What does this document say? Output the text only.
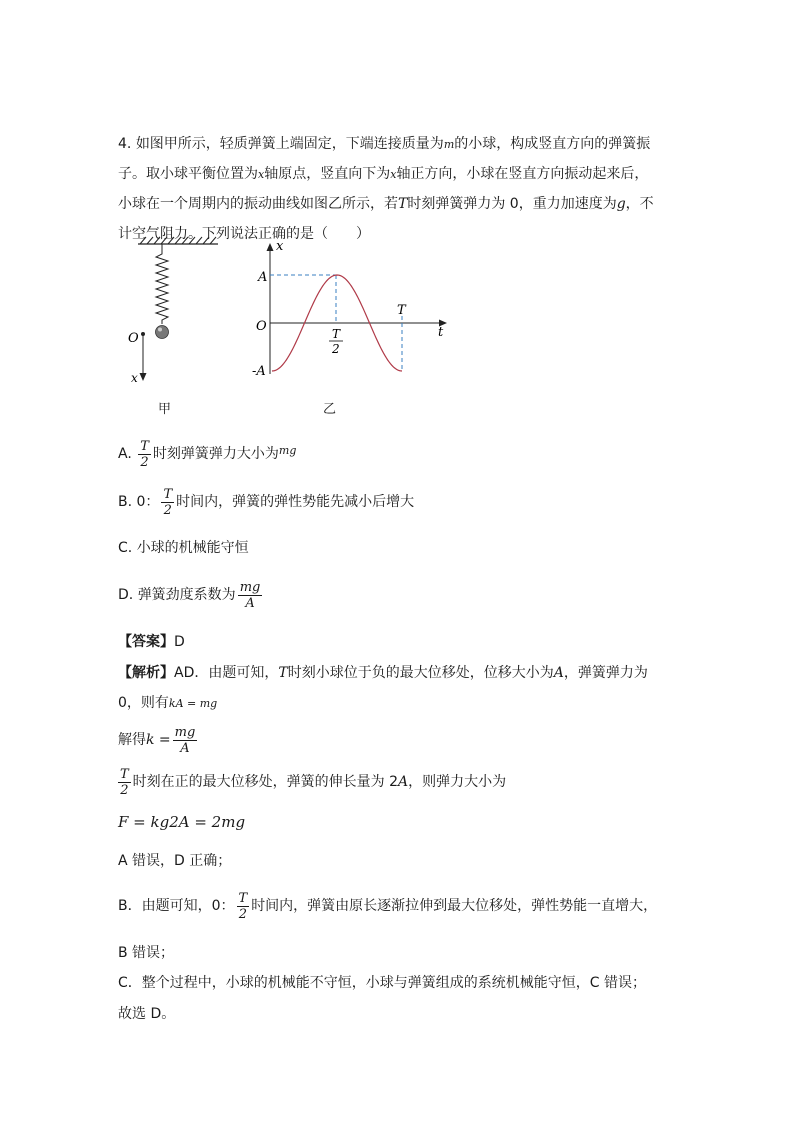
4. 如图甲所示，轻质弹簧上端固定，下端连接质量为m的小球，构成竖直方向的弹簧振
子。取小球平衡位置为x轴原点，竖直向下为x轴正方向，小球在竖直方向振动起来后，
小球在一个周期内的振动曲线如图乙所示，若T时刻弹簧弹力为 0，重力加速度为g，不
计空气阻力。下列说法正确的是（　　）
O
x
甲
x
t
A
O
-A
T
T
2
乙
A. $\frac{T}{2}$ 时刻弹簧弹力大小为$^{mg}$
B. 0： $\frac{T}{2}$ 时间内，弹簧的弹性势能先减小后增大
C. 小球的机械能守恒
D. 弹簧劲度系数为 $\frac{mg}{A}$
【答案】D
【解析】AD．由题可知，T时刻小球位于负的最大位移处，位移大小为A，弹簧弹力为
0，则有kA = mg
解得$k = \frac{mg}{A}$
$\frac{T}{2}$ 时刻在正的最大位移处，弹簧的伸长量为 2A，则弹力大小为
F = kg2A = 2mg
A 错误，D 正确；
B．由题可知，0： $\frac{T}{2}$ 时间内，弹簧由原长逐渐拉伸到最大位移处，弹性势能一直增大，
B 错误；
C．整个过程中，小球的机械能不守恒，小球与弹簧组成的系统机械能守恒，C 错误；
故选 D。
